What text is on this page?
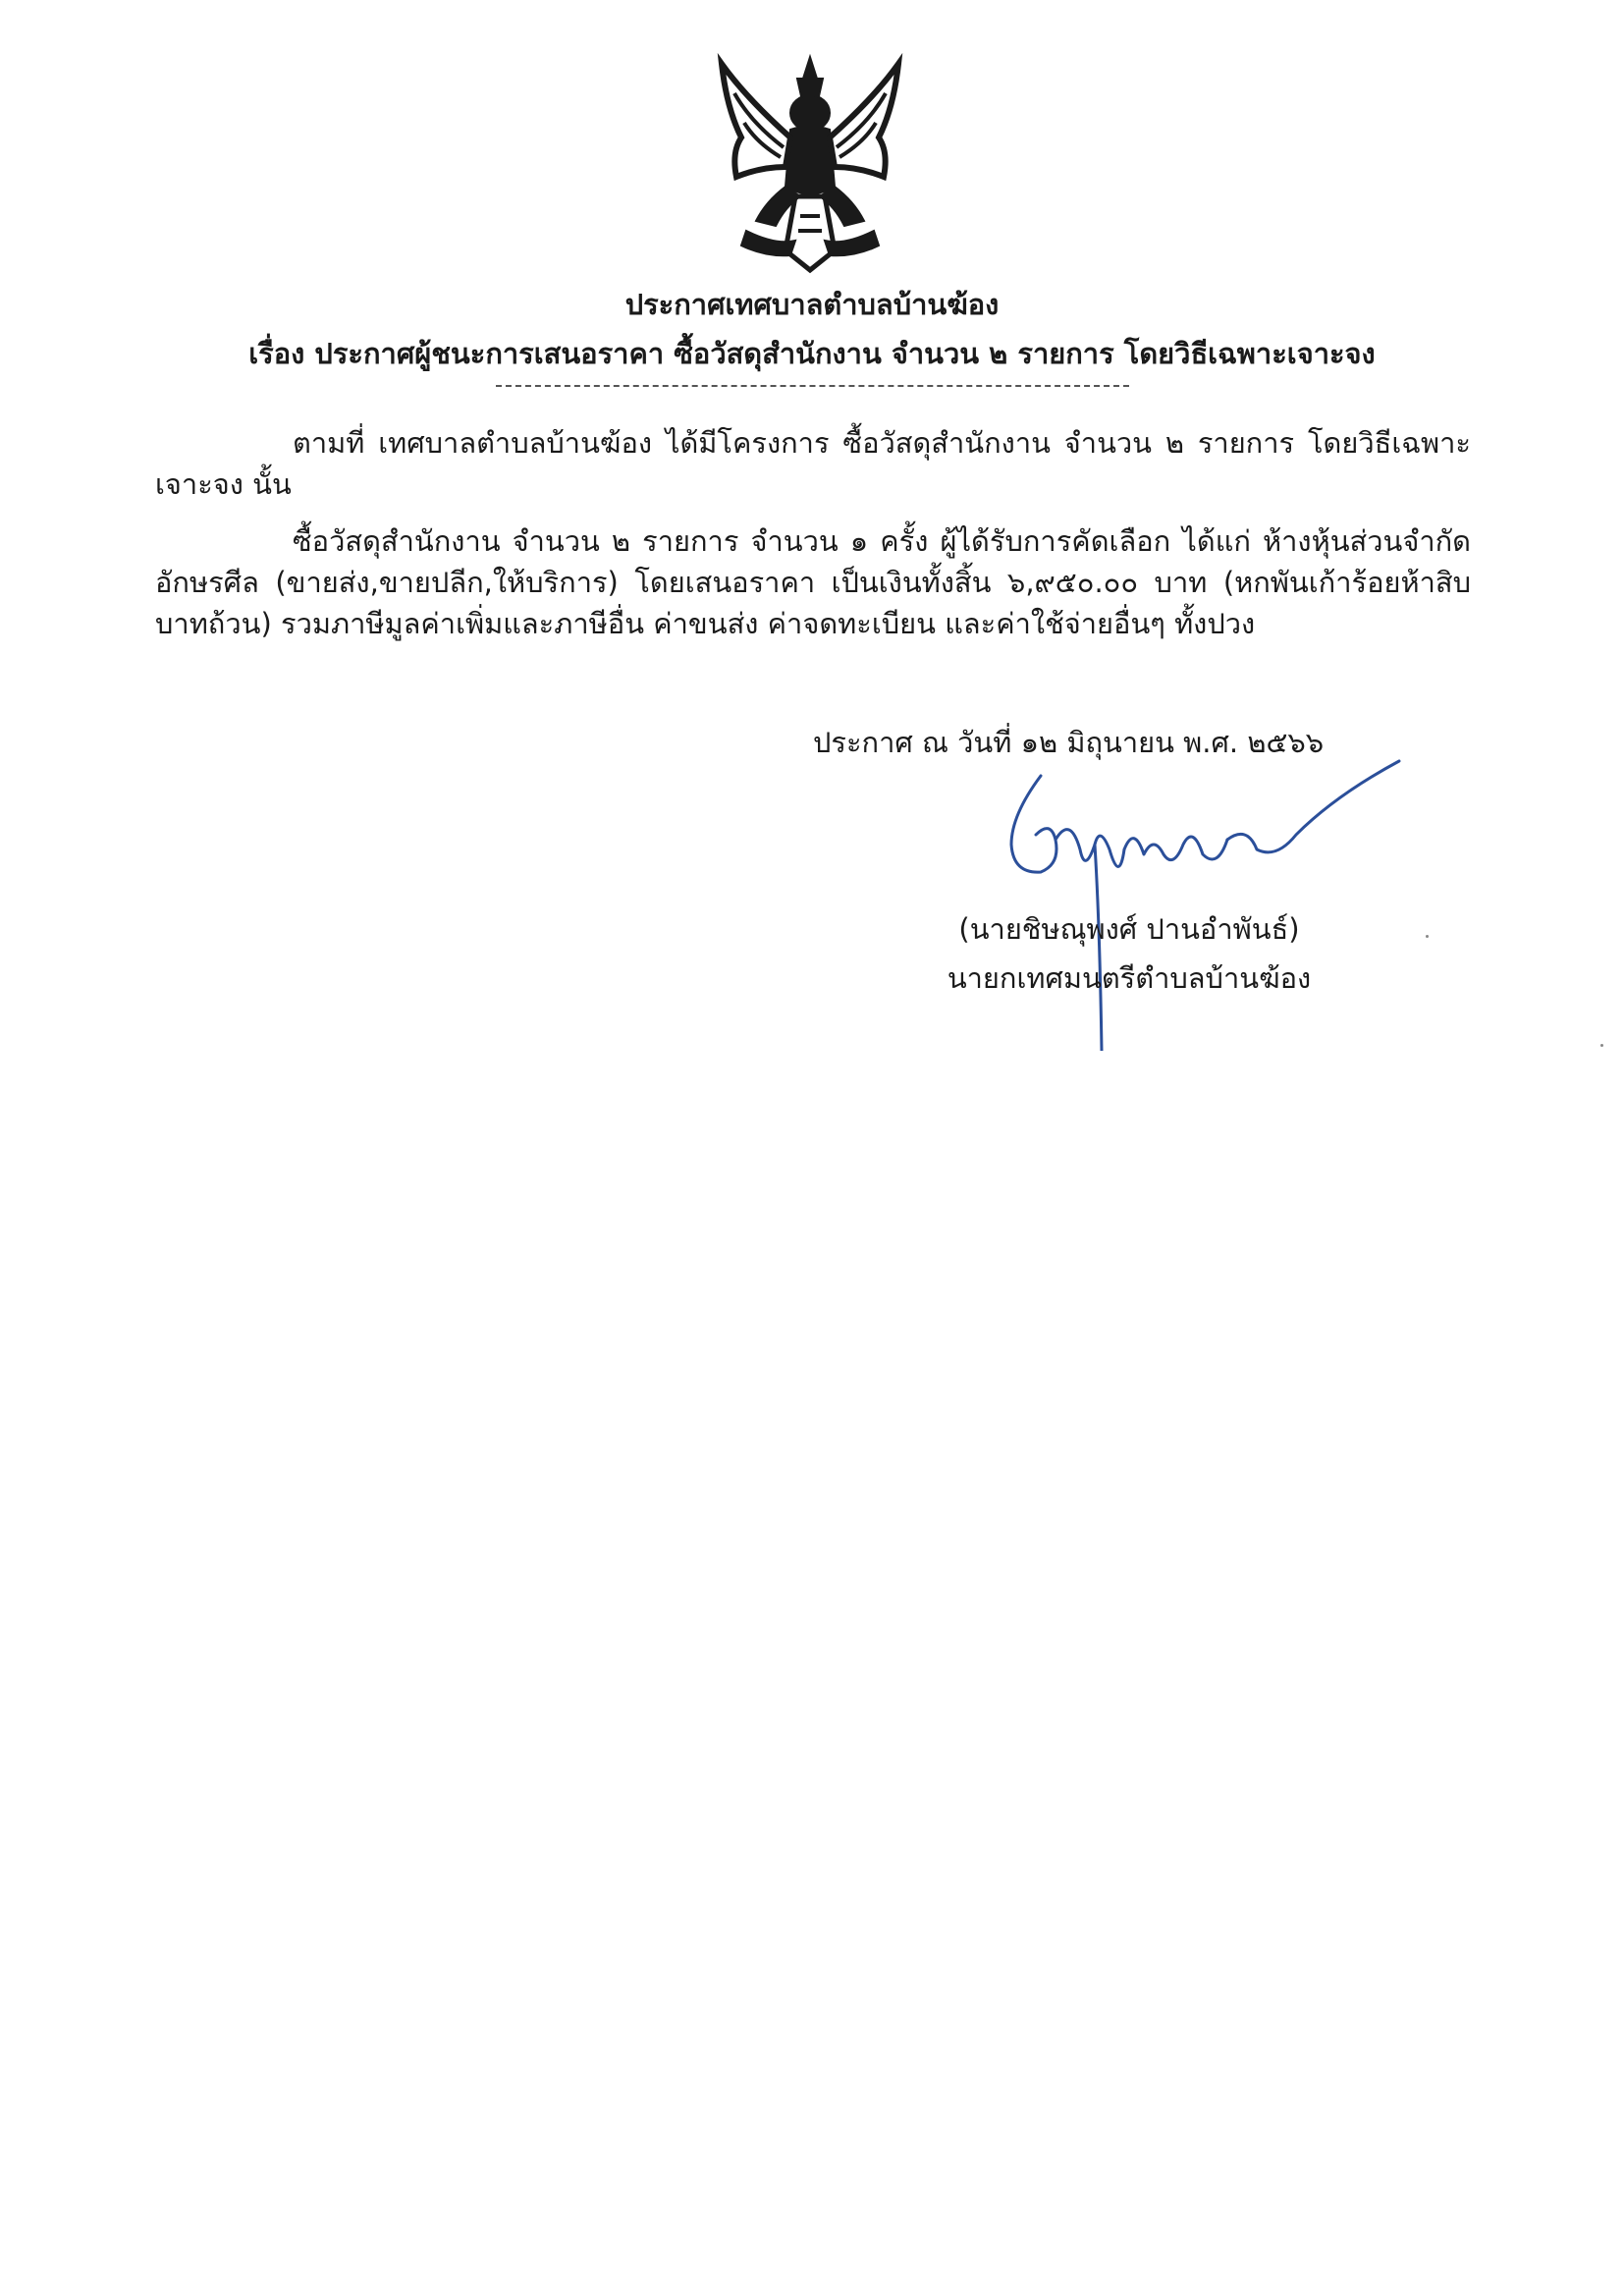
ประกาศเทศบาลตำบลบ้านฆ้อง
เรื่อง ประกาศผู้ชนะการเสนอราคา ซื้อวัสดุสำนักงาน จำนวน ๒ รายการ โดยวิธีเฉพาะเจาะจง
ตามที่ เทศบาลตำบลบ้านฆ้อง ได้มีโครงการ ซื้อวัสดุสำนักงาน จำนวน ๒ รายการ โดยวิธีเฉพาะเจาะจง นั้น
ซื้อวัสดุสำนักงาน จำนวน ๒ รายการ จำนวน ๑ ครั้ง ผู้ได้รับการคัดเลือก ได้แก่ ห้างหุ้นส่วนจำกัด อักษรศีล (ขายส่ง,ขายปลีก,ให้บริการ) โดยเสนอราคา เป็นเงินทั้งสิ้น ๖,๙๕๐.๐๐ บาท (หกพันเก้าร้อยห้าสิบบาทถ้วน) รวมภาษีมูลค่าเพิ่มและภาษีอื่น ค่าขนส่ง ค่าจดทะเบียน และค่าใช้จ่ายอื่นๆ ทั้งปวง
ประกาศ ณ วันที่ ๑๒ มิถุนายน พ.ศ. ๒๕๖๖
(นายชิษณุพงศ์ ปานอำพันธ์)
นายกเทศมนตรีตำบลบ้านฆ้อง
